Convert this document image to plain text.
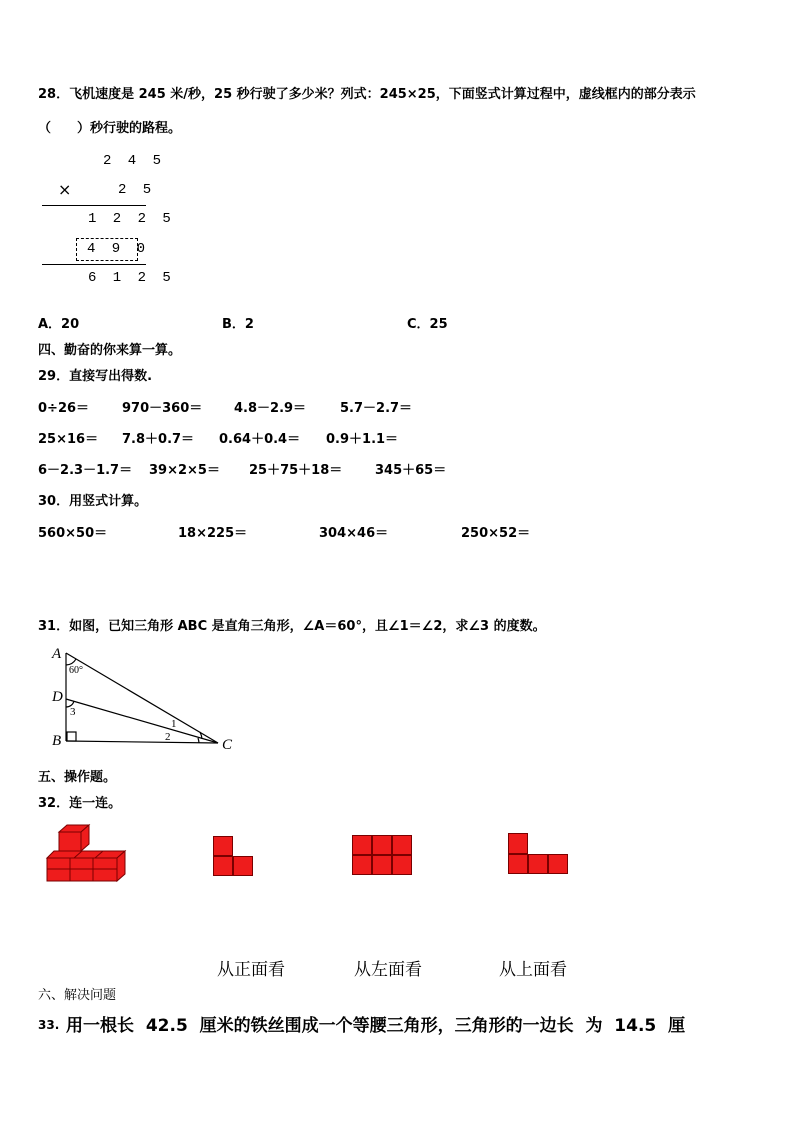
28．飞机速度是 245 米/秒，25 秒行驶了多少米？列式：245×25，下面竖式计算过程中，虚线框内的部分表示
（　　）秒行驶的路程。
2 4 5
×	2 5
1 2 2 5
4 9 0
6 1 2 5
A．20	B．2	C．25
四、勤奋的你来算一算。
29．直接写出得数.
0÷26＝	970－360＝ 4.8－2.9＝	5.7－2.7＝
25×16＝ 7.8＋0.7＝ 0.64＋0.4＝ 0.9＋1.1＝
6－2.3－1.7＝ 39×2×5＝ 25＋75＋18＝	345＋65＝
30．用竖式计算。
560×50＝	18×225＝	304×46＝	250×52＝
31．如图，已知三角形 ABC 是直角三角形，∠A＝60°，且∠1＝∠2，求∠3 的度数。
A
60°
D
3
B
1
2	C
五、操作题。
32．连一连。
从正面看	从左面看	从上面看
六、解决问题
33. 用一根长  42.5  厘米的铁丝围成一个等腰三角形，三角形的一边长  为  14.5  厘
